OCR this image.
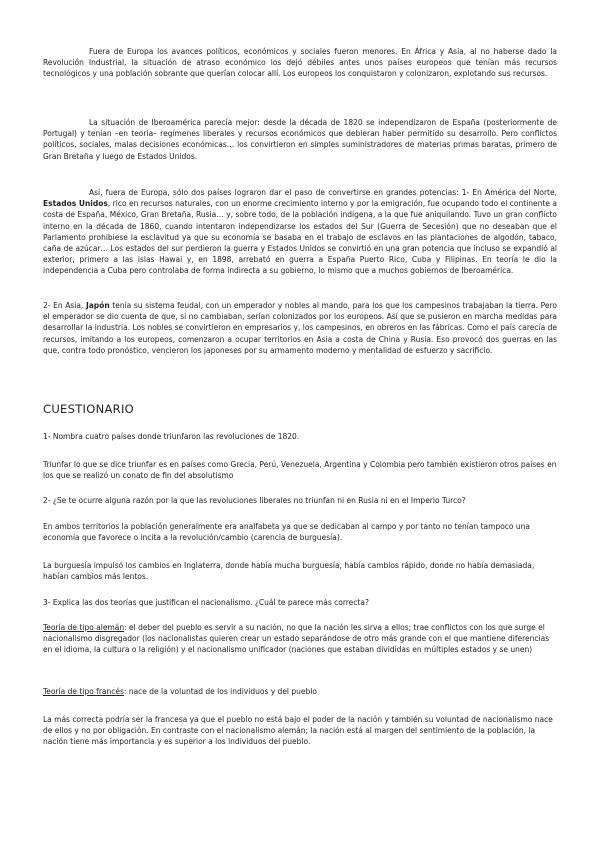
Fuera de Europa los avances políticos, económicos y sociales fueron menores. En África y Asia, al no haberse dado la Revolución Industrial, la situación de atraso económico los dejó débiles antes unos países europeos que tenían más recursos tecnológicos y una población sobrante que querían colocar allí. Los europeos los conquistaron y colonizaron, explotando sus recursos.

La situación de Iberoamérica parecía mejor: desde la década de 1820 se independizaron de España (posteriormente de Portugal) y tenían –en teoría– regímenes liberales y recursos económicos que debieran haber permitido su desarrollo. Pero conflictos políticos, sociales, malas decisiones económicas… los convirtieron en simples suministradores de materias primas baratas, primero de Gran Bretaña y luego de Estados Unidos.

Así, fuera de Europa, sólo dos países lograron dar el paso de convertirse en grandes potencias: 1- En América del Norte, Estados Unidos, rico en recursos naturales, con un enorme crecimiento interno y por la emigración, fue ocupando todo el continente a costa de España, México, Gran Bretaña, Rusia… y, sobre todo, de la población indígena, a la que fue aniquilando. Tuvo un gran conflicto interno en la década de 1860, cuando intentaron independizarse los estados del Sur (Guerra de Secesión) que no deseaban que el Parlamento prohibiese la esclavitud ya que su economía se basaba en el trabajo de esclavos en las plantaciones de algodón, tabaco, caña de azúcar… Los estados del sur perdieron la guerra y Estados Unidos se convirtió en una gran potencia que incluso se expandió al exterior, primero a las islas Hawai y, en 1898, arrebató en guerra a España Puerto Rico, Cuba y Filipinas. En teoría le dio la independencia a Cuba pero controlaba de forma indirecta a su gobierno, lo mismo que a muchos gobiernos de Iberoamérica.

2- En Asia, Japón tenía su sistema feudal, con un emperador y nobles al mando, para los que los campesinos trabajaban la tierra. Pero el emperador se dio cuenta de que, si no cambiaban, serían colonizados por los europeos. Así que se pusieron en marcha medidas para desarrollar la industria. Los nobles se convirtieron en empresarios y, los campesinos, en obreros en las fábricas. Como el país carecía de recursos, imitando a los europeos, comenzaron a ocupar territorios en Asia a costa de China y Rusia. Eso provocó dos guerras en las que, contra todo pronóstico, vencieron los japoneses por su armamento moderno y mentalidad de esfuerzo y sacrificio.

CUESTIONARIO

1- Nombra cuatro países donde triunfaron las revoluciones de 1820.

Triunfar lo que se dice triunfar es en países como Grecia, Perú, Venezuela, Argentina y Colombia pero también existieron otros países en los que se realizó un conato de fin del absolutismo

2- ¿Se te ocurre alguna razón por la que las revoluciones liberales no triunfan ni en Rusia ni en el Imperio Turco?

En ambos territorios la población generalmente era analfabeta ya que se dedicaban al campo y por tanto no tenían tampoco una economía que favorece o incita a la revolución/cambio (carencia de burguesía).

La burguesía impulsó los cambios en Inglaterra, donde había mucha burguesía, había cambios rápido, donde no había demasiada, habían cambios más lentos.

3- Explica las dos teorías que justifican el nacionalismo. ¿Cuál te parece más correcta?

Teoría de tipo alemán: el deber del pueblo es servir a su nación, no que la nación les sirva a ellos; trae conflictos con los que surge el nacionalismo disgregador (los nacionalistas quieren crear un estado separándose de otro más grande con el que mantiene diferencias en el idioma, la cultura o la religión) y el nacionalismo unificador (naciones que estaban divididas en múltiples estados y se unen)

Teoría de tipo francés: nace de la voluntad de los individuos y del pueblo

La más correcta podría ser la francesa ya que el pueblo no está bajo el poder de la nación y también su voluntad de nacionalismo nace de ellos y no por obligación. En contraste con el nacionalismo alemán; la nación está al margen del sentimiento de la población, la nación tiene más importancia y es superior a los individuos del pueblo.
